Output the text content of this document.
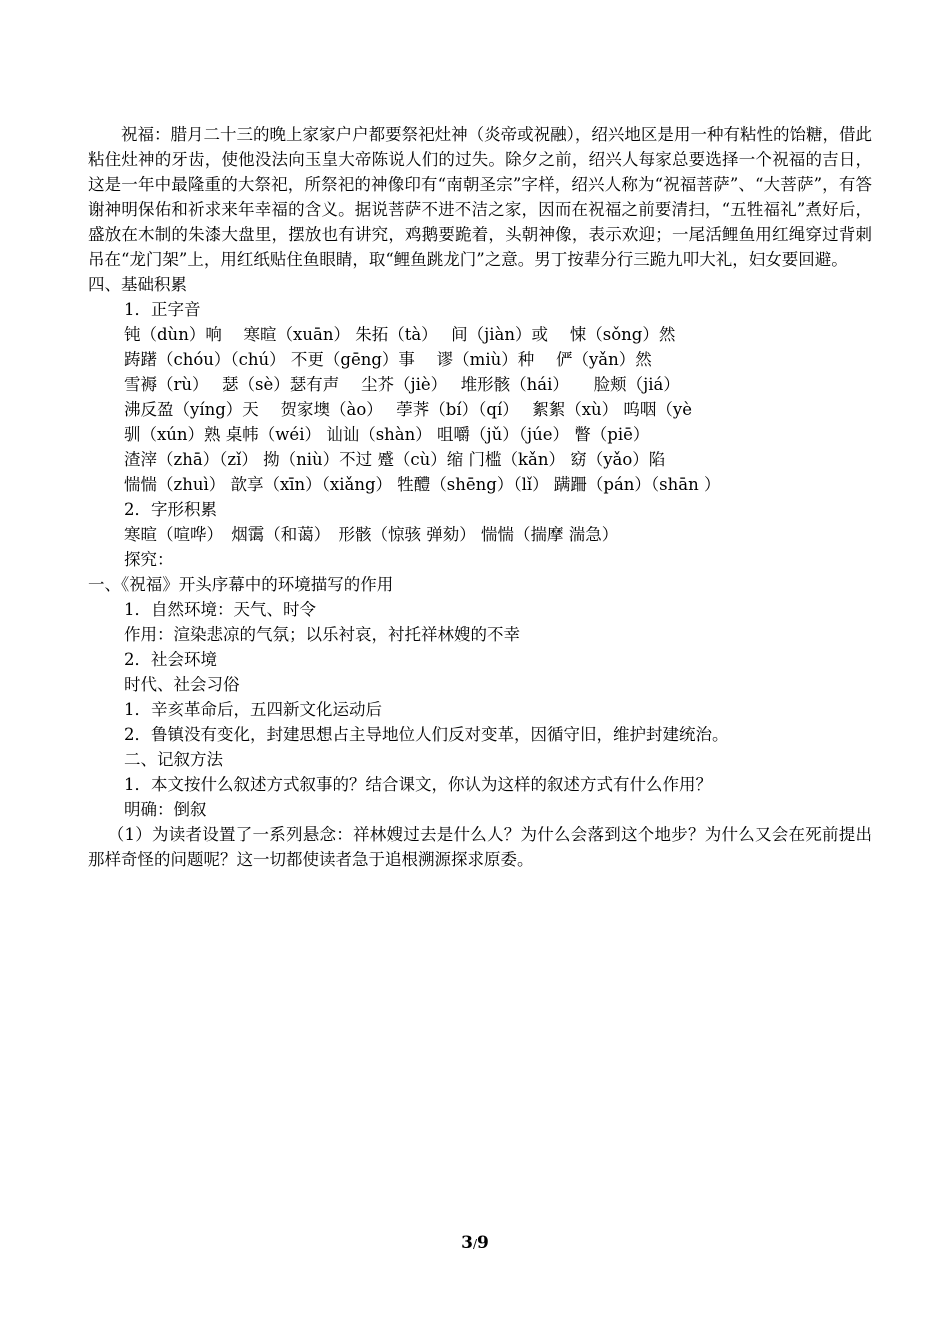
祝福：腊月二十三的晚上家家户户都要祭祀灶神（炎帝或祝融），绍兴地区是用一种有粘性的饴糖，借此粘住灶神的牙齿，使他没法向玉皇大帝陈说人们的过失。除夕之前，绍兴人每家总要选择一个祝福的吉日，这是一年中最隆重的大祭祀，所祭祀的神像印有“南朝圣宗”字样，绍兴人称为“祝福菩萨”、“大菩萨”，有答谢神明保佑和祈求来年幸福的含义。据说菩萨不进不洁之家，因而在祝福之前要清扫，“五牲福礼”煮好后，盛放在木制的朱漆大盘里，摆放也有讲究，鸡鹅要跪着，头朝神像，表示欢迎；一尾活鲤鱼用红绳穿过背刺吊在“龙门架”上，用红纸贴住鱼眼睛，取“鲤鱼跳龙门”之意。男丁按辈分行三跪九叩大礼，妇女要回避。

四、基础积累

1．正字音

钝（dùn）响　 寒暄（xuān） 朱拓（tà）　 间（jiàn）或　 悚（sǒng）然

踌躇（chóu）（chú） 不更（gēng）事　 谬（miù）种　 俨（yǎn）然

雪褥（rù）　 瑟（sè）瑟有声　 尘芥（jiè）　 堆形骸（hái）　　脸颊（jiá）

沸反盈（yíng）天　 贺家墺（ào）　 荸荠（bí）（qí）　 絮絮（xù） 呜咽（yè

驯（xún）熟 桌帏（wéi） 讪讪（shàn） 咀嚼（jǔ）（júe） 瞥（piē）

渣滓（zhā）（zǐ） 拗（niù）不过 蹙（cù）缩 门槛（kǎn） 窈（yǎo）陷

惴惴（zhuì） 歆享（xīn）（xiǎng） 牲醴（shēng）（lǐ） 蹒跚（pán）（shān ）

2．字形积累

寒暄（喧哗）　烟霭（和蔼）　形骸（惊骇 弹劾） 惴惴（揣摩 湍急）

探究：

一、《祝福》开头序幕中的环境描写的作用

1．自然环境：天气、时令

作用：渲染悲凉的气氛；以乐衬哀，衬托祥林嫂的不幸

2．社会环境

时代、社会习俗

1．辛亥革命后，五四新文化运动后

2．鲁镇没有变化，封建思想占主导地位人们反对变革，因循守旧，维护封建统治。

二、记叙方法

1．本文按什么叙述方式叙事的？结合课文，你认为这样的叙述方式有什么作用？

明确：倒叙

（1）为读者设置了一系列悬念：祥林嫂过去是什么人？为什么会落到这个地步？为什么又会在死前提出那样奇怪的问题呢？这一切都使读者急于追根溯源探求原委。

3/9
